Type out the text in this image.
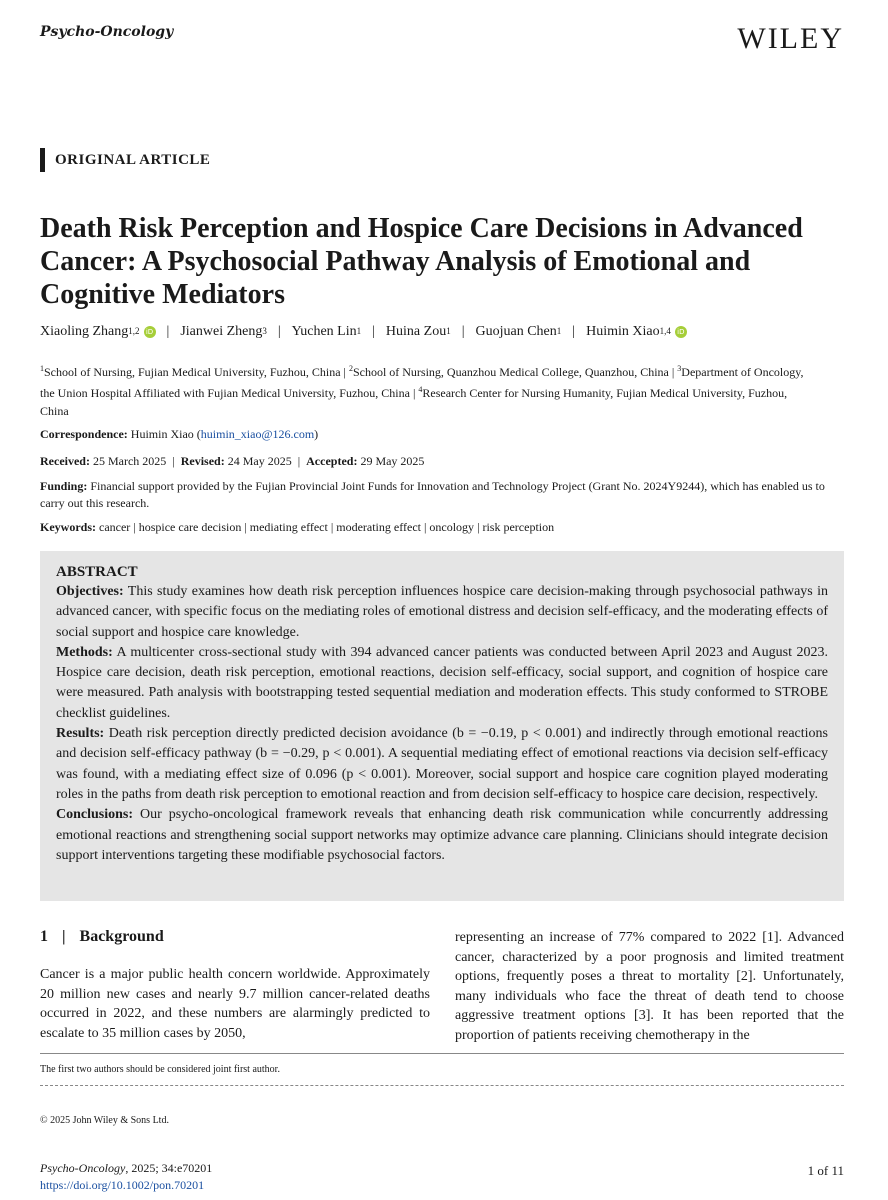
Psycho-Oncology	WILEY
ORIGINAL ARTICLE
Death Risk Perception and Hospice Care Decisions in Advanced Cancer: A Psychosocial Pathway Analysis of Emotional and Cognitive Mediators
Xiaoling Zhang$^{1,2}$ iD | Jianwei Zheng$^3$ | Yuchen Lin$^1$ | Huina Zou$^1$ | Guojuan Chen$^1$ | Huimin Xiao$^{1,4}$ iD
$^1$School of Nursing, Fujian Medical University, Fuzhou, China | $^2$School of Nursing, Quanzhou Medical College, Quanzhou, China | $^3$Department of Oncology, the Union Hospital Affiliated with Fujian Medical University, Fuzhou, China | $^4$Research Center for Nursing Humanity, Fujian Medical University, Fuzhou, China
Correspondence: Huimin Xiao (huimin_xiao@126.com)
Received: 25 March 2025  |  Revised: 24 May 2025  |  Accepted: 29 May 2025
Funding: Financial support provided by the Fujian Provincial Joint Funds for Innovation and Technology Project (Grant No. 2024Y9244), which has enabled us to carry out this research.
Keywords: cancer | hospice care decision | mediating effect | moderating effect | oncology | risk perception
ABSTRACT

Objectives: This study examines how death risk perception influences hospice care decision-making through psychosocial pathways in advanced cancer, with specific focus on the mediating roles of emotional distress and decision self-efficacy, and the moderating effects of social support and hospice care knowledge.

Methods: A multicenter cross-sectional study with 394 advanced cancer patients was conducted between April 2023 and August 2023. Hospice care decision, death risk perception, emotional reactions, decision self-efficacy, social support, and cognition of hospice care were measured. Path analysis with bootstrapping tested sequential mediation and moderation effects. This study conformed to STROBE checklist guidelines.

Results: Death risk perception directly predicted decision avoidance (b = −0.19, p < 0.001) and indirectly through emotional reactions and decision self-efficacy pathway (b = −0.29, p < 0.001). A sequential mediating effect of emotional reactions via decision self-efficacy was found, with a mediating effect size of 0.096 (p < 0.001). Moreover, social support and hospice care cognition played moderating roles in the paths from death risk perception to emotional reaction and from decision self-efficacy to hospice care decision, respectively.

Conclusions: Our psycho-oncological framework reveals that enhancing death risk communication while concurrently addressing emotional reactions and strengthening social support networks may optimize advance care planning. Clinicians should integrate decision support interventions targeting these modifiable psychosocial factors.

1 | Background
Cancer is a major public health concern worldwide. Approximately 20 million new cases and nearly 9.7 million cancer-related deaths occurred in 2022, and these numbers are alarmingly predicted to escalate to 35 million cases by 2050,
representing an increase of 77% compared to 2022 [1]. Advanced cancer, characterized by a poor prognosis and limited treatment options, frequently poses a threat to mortality [2]. Unfortunately, many individuals who face the threat of death tend to choose aggressive treatment options [3]. It has been reported that the proportion of patients receiving chemotherapy in the
The first two authors should be considered joint first author.
© 2025 John Wiley & Sons Ltd.
Psycho-Oncology, 2025; 34:e70201
https://doi.org/10.1002/pon.70201
1 of 11
